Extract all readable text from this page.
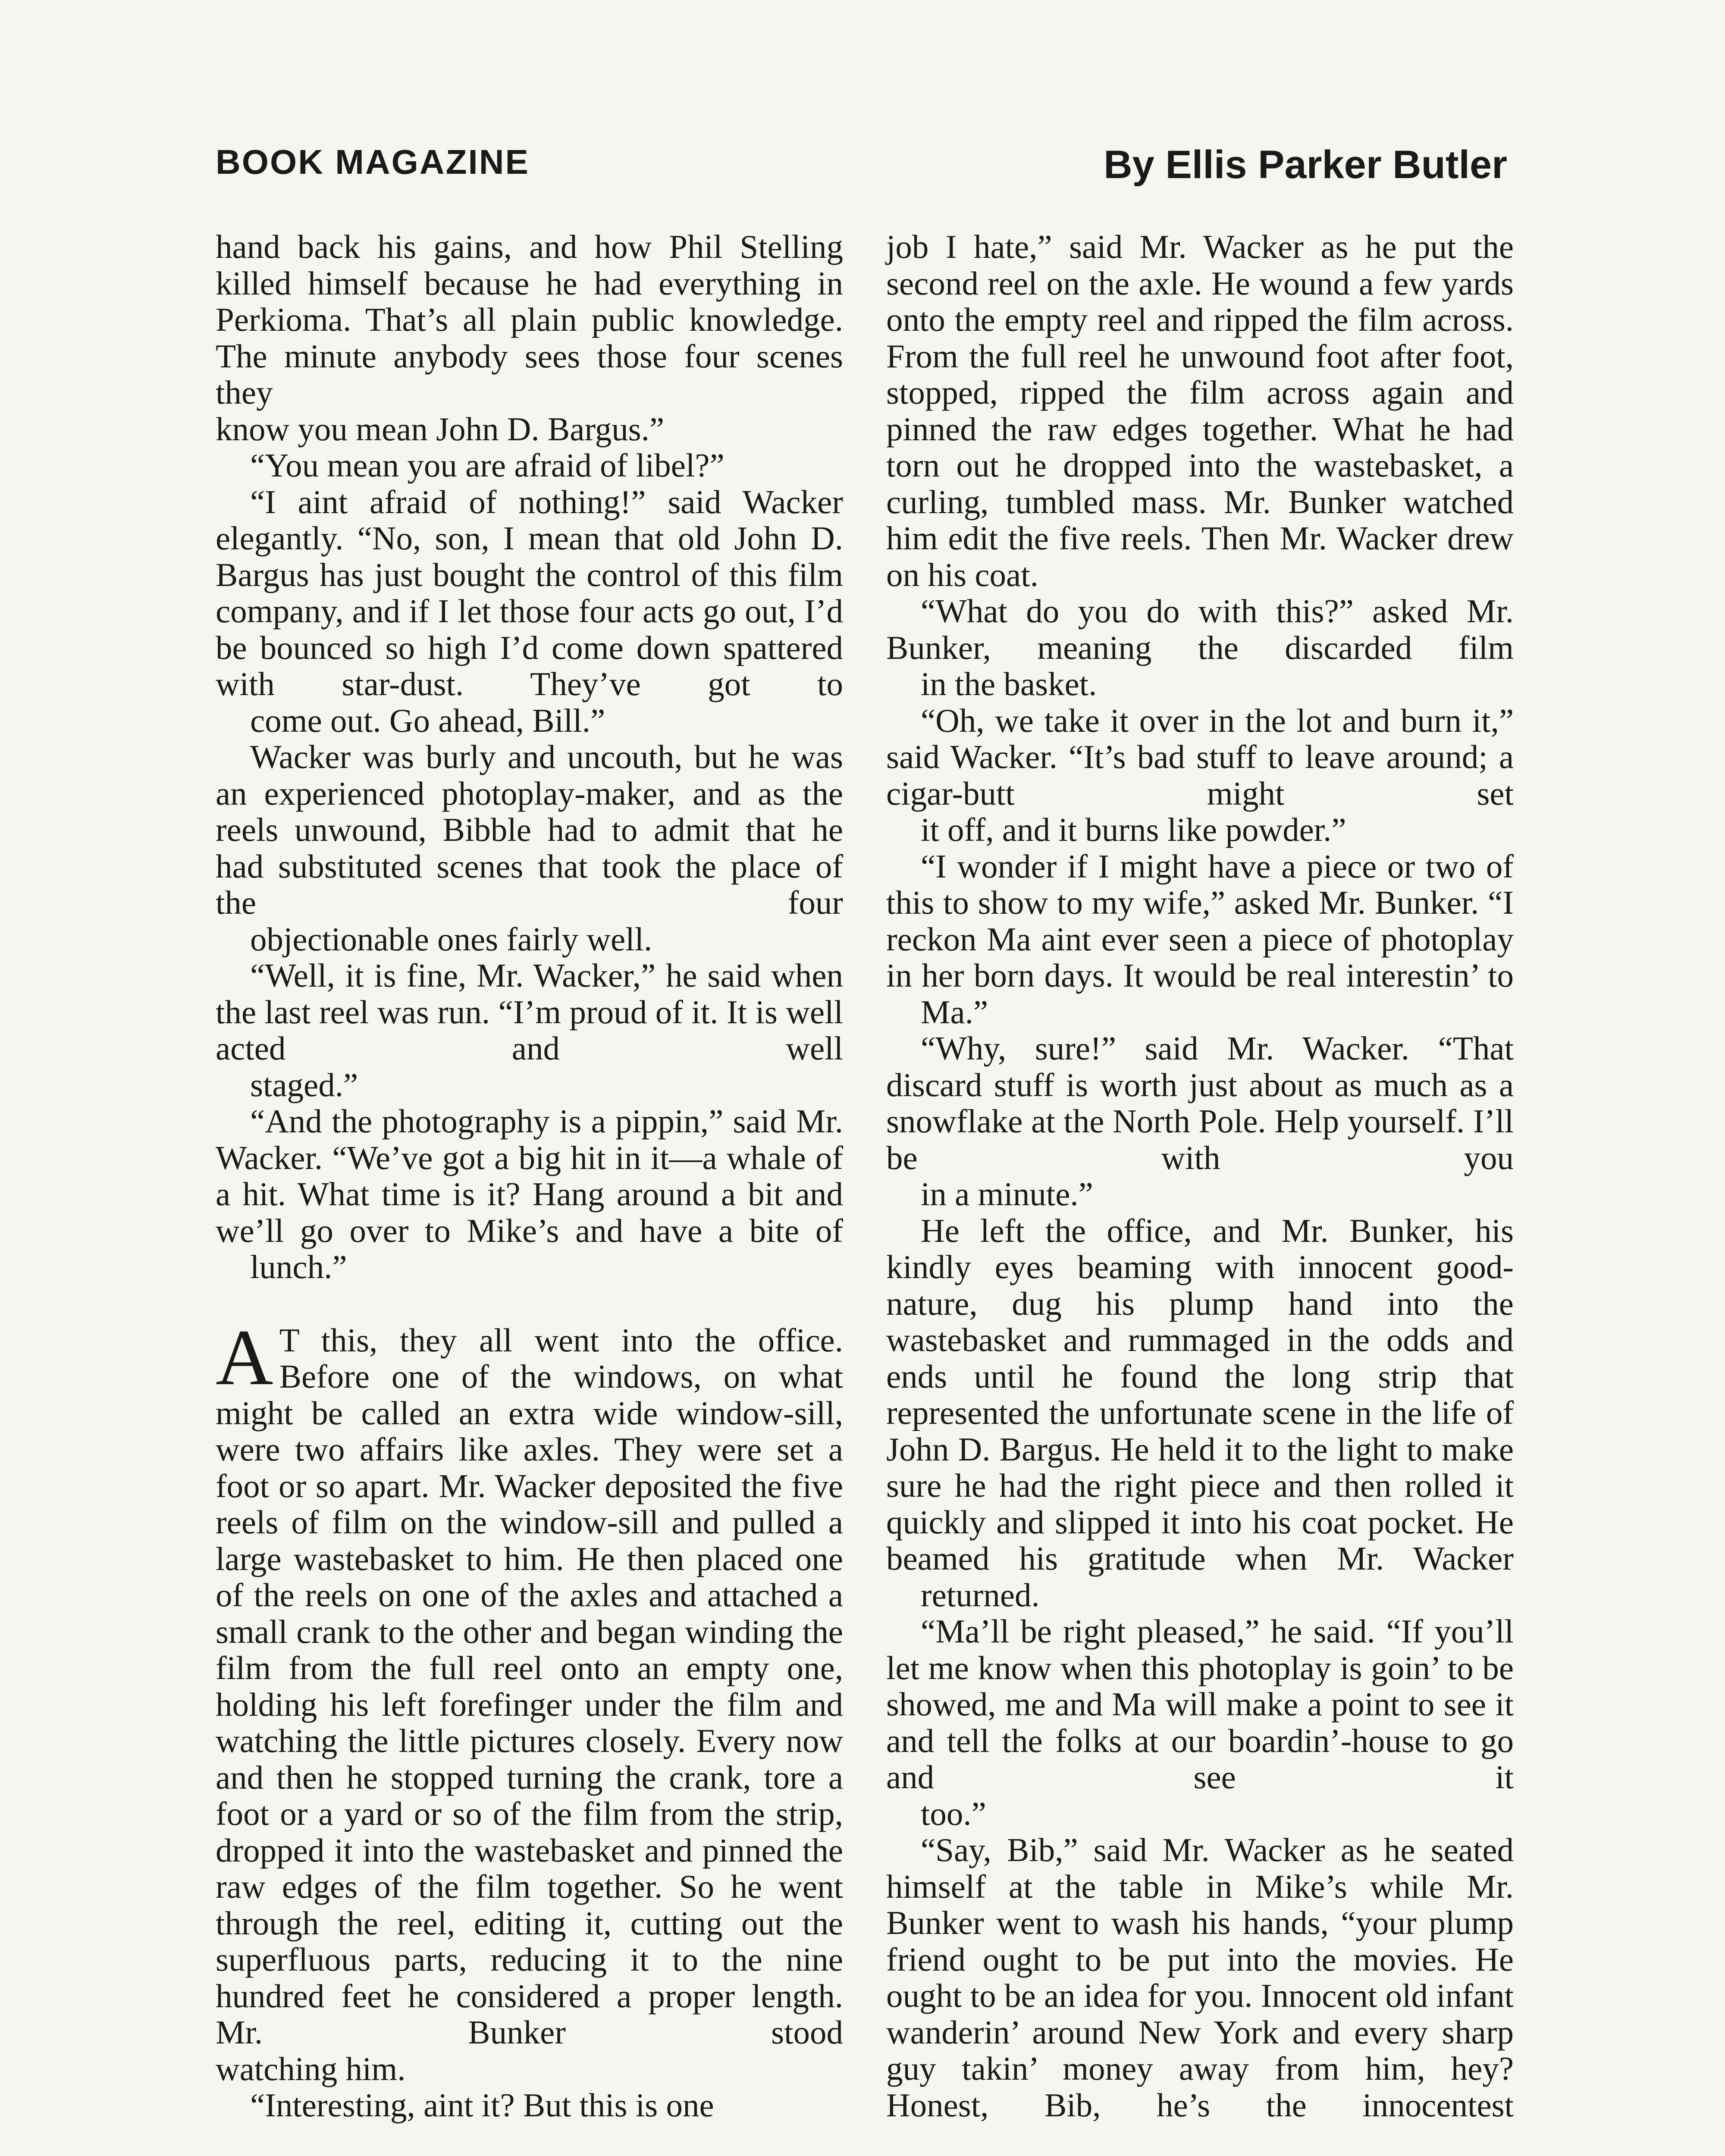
BOOK MAGAZINE	By Ellis Parker Butler

hand back his gains, and how Phil Stelling killed himself because he had everything in Perkioma. That’s all plain public knowledge. The minute anybody sees those four scenes they
know you mean John D. Bargus.”

“You mean you are afraid of libel?”

“I aint afraid of nothing!” said Wacker elegantly. “No, son, I mean that old John D. Bargus has just bought the control of this film company, and if I let those four acts go out, I’d be bounced so high I’d come down spattered with star-dust. They’ve got to
come out. Go ahead, Bill.”

Wacker was burly and uncouth, but he was an experienced photoplay-maker, and as the reels unwound, Bibble had to admit that he had substituted scenes that took the place of the four
objectionable ones fairly well.

“Well, it is fine, Mr. Wacker,” he said when the last reel was run. “I’m proud of it. It is well acted and well
staged.”

“And the photography is a pippin,” said Mr. Wacker. “We’ve got a big hit in it—a whale of a hit. What time is it? Hang around a bit and we’ll go over to Mike’s and have a bite of
lunch.”

A T this, they all went into the office. Before one of the windows, on what might be called an extra wide window-sill, were two affairs like axles. They were set a foot or so apart. Mr. Wacker deposited the five reels of film on the window-sill and pulled a large wastebasket to him. He then placed one of the reels on one of the axles and attached a small crank to the other and began winding the film from the full reel onto an empty one, holding his left forefinger under the film and watching the little pictures closely. Every now and then he stopped turning the crank, tore a foot or a yard or so of the film from the strip, dropped it into the wastebasket and pinned the raw edges of the film together. So he went through the reel, editing it, cutting out the superfluous parts, reducing it to the nine hundred feet he considered a proper length. Mr. Bunker stood
watching him.

“Interesting, aint it? But this is one

job I hate,” said Mr. Wacker as he put the second reel on the axle. He wound a few yards onto the empty reel and ripped the film across. From the full reel he unwound foot after foot, stopped, ripped the film across again and pinned the raw edges together. What he had torn out he dropped into the wastebasket, a curling, tumbled mass. Mr. Bunker watched him edit the five reels. Then Mr. Wacker drew
on his coat.

“What do you do with this?” asked Mr. Bunker, meaning the discarded film
in the basket.

“Oh, we take it over in the lot and burn it,” said Wacker. “It’s bad stuff to leave around; a cigar-butt might set
it off, and it burns like powder.”

“I wonder if I might have a piece or two of this to show to my wife,” asked Mr. Bunker. “I reckon Ma aint ever seen a piece of photoplay in her born days. It would be real interestin’ to
Ma.”

“Why, sure!” said Mr. Wacker. “That discard stuff is worth just about as much as a snowflake at the North Pole. Help yourself. I’ll be with you
in a minute.”

He left the office, and Mr. Bunker, his kindly eyes beaming with innocent good-nature, dug his plump hand into the wastebasket and rummaged in the odds and ends until he found the long strip that represented the unfortunate scene in the life of John D. Bargus. He held it to the light to make sure he had the right piece and then rolled it quickly and slipped it into his coat pocket. He beamed his gratitude when Mr. Wacker
returned.

“Ma’ll be right pleased,” he said. “If you’ll let me know when this photoplay is goin’ to be showed, me and Ma will make a point to see it and tell the folks at our boardin’-house to go and see it
too.”

“Say, Bib,” said Mr. Wacker as he seated himself at the table in Mike’s while Mr. Bunker went to wash his hands, “your plump friend ought to be put into the movies. He ought to be an idea for you. Innocent old infant wanderin’ around New York and every sharp guy takin’ money away from him, hey? Honest, Bib, he’s the innocentest
